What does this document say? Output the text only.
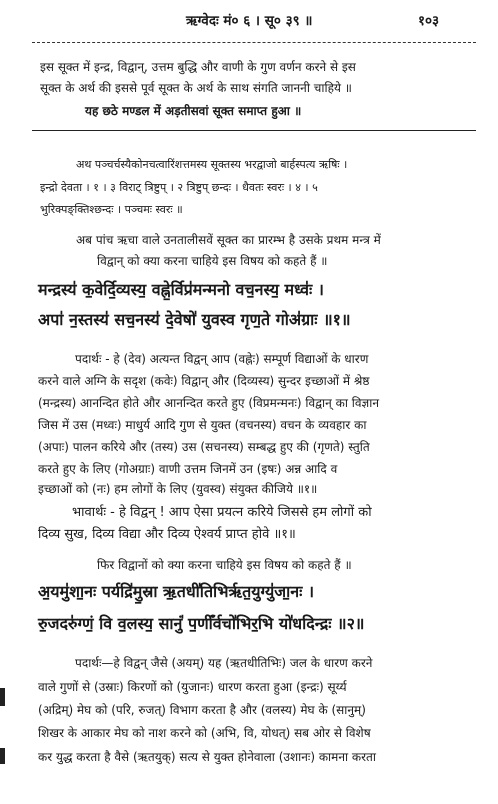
ऋग्वेदः मं० ६ । सू० ३९ ॥	१०३
इस सूक्त में इन्द्र, विद्वान्, उत्तम बुद्धि और वाणी के गुण वर्णन करने से इस
सूक्त के अर्थ की इससे पूर्व सूक्त के अर्थ के साथ संगति जाननी चाहिये ॥
यह छठे मण्डल में अड़तीसवां सूक्त समाप्त हुआ ॥
अथ पञ्चर्चस्यैकोनचत्वारिंशत्तमस्य सूक्तस्य भरद्वाजो बार्हस्पत्य ऋषिः ।
इन्द्रो देवता । १ । ३ विराट् त्रिष्टुप् । २ त्रिष्टुप् छन्दः । धैवतः स्वरः । ४ । ५
भुरिक्पङ्क्तिश्छन्दः । पञ्चमः स्वरः ॥
अब पांच ऋचा वाले उनतालीसवें सूक्त का प्रारम्भ है उसके प्रथम मन्त्र में
विद्वान् को क्या करना चाहिये इस विषय को कहते हैं ॥
मन्द्रस्य॑ क॒वेर्दि॒व्यस्य॒ वह्ने॒र्विप्र॑मन्मनो वच॒नस्य॒ मध्वः॑ ।
अपा॑ न॒स्तस्य॑ सच॒नस्य॑ दे॒वेषो॑ युवस्व गृण॒ते गोअ॑ग्राः ॥१॥
पदार्थः - हे (देव) अत्यन्त विद्वन् आप (वह्नेः) सम्पूर्ण विद्याओं के धारण
करने वाले अग्नि के सदृश (कवेः) विद्वान् और (दिव्यस्य) सुन्दर इच्छाओं में श्रेष्ठ
(मन्द्रस्य) आनन्दित होते और आनन्दित करते हुए (विप्रमन्मनः) विद्वान् का विज्ञान
जिस में उस (मध्वः) माधुर्य आदि गुण से युक्त (वचनस्य) वचन के व्यवहार का
(अपाः) पालन करिये और (तस्य) उस (सचनस्य) सम्बद्ध हुए की (गृणते) स्तुति
करते हुए के लिए (गोअग्राः) वाणी उत्तम जिनमें उन (इषः) अन्न आदि व
इच्छाओं को (नः) हम लोगों के लिए (युवस्व) संयुक्त कीजिये ॥१॥
भावार्थः - हे विद्वन् ! आप ऐसा प्रयत्न करिये जिससे हम लोगों को
दिव्य सुख, दिव्य विद्या और दिव्य ऐश्वर्य प्राप्त होवे ॥१॥
फिर विद्वानों को क्या करना चाहिये इस विषय को कहते हैं ॥
अ॒यमु॑शा॒नः पर्यद्रि॑मु॒स्रा ऋ॒तधी॑तिभिर्ऋत॒युग्यु॑जा॒नः ।
रु॒जदरु॑ग्णं॒ वि व॒लस्य॒ सानुं॑ प॒णीँर्वचो॑भिर॒भि यो॑धदिन्द्रः ॥२॥
पदार्थः—हे विद्वन् जैसे (अयम्) यह (ऋतधीतिभिः) जल के धारण करने
वाले गुणों से (उस्राः) किरणों को (युजानः) धारण करता हुआ (इन्द्रः) सूर्य्य
(अद्रिम्) मेघ को (परि, रुजत्) विभाग करता है और (वलस्य) मेघ के (सानुम्)
शिखर के आकार मेघ को नाश करने को (अभि, वि, योधत्) सब ओर से विशेष
कर युद्ध करता है वैसे (ऋतयुक्) सत्य से युक्त होनेवाला (उशानः) कामना करता
